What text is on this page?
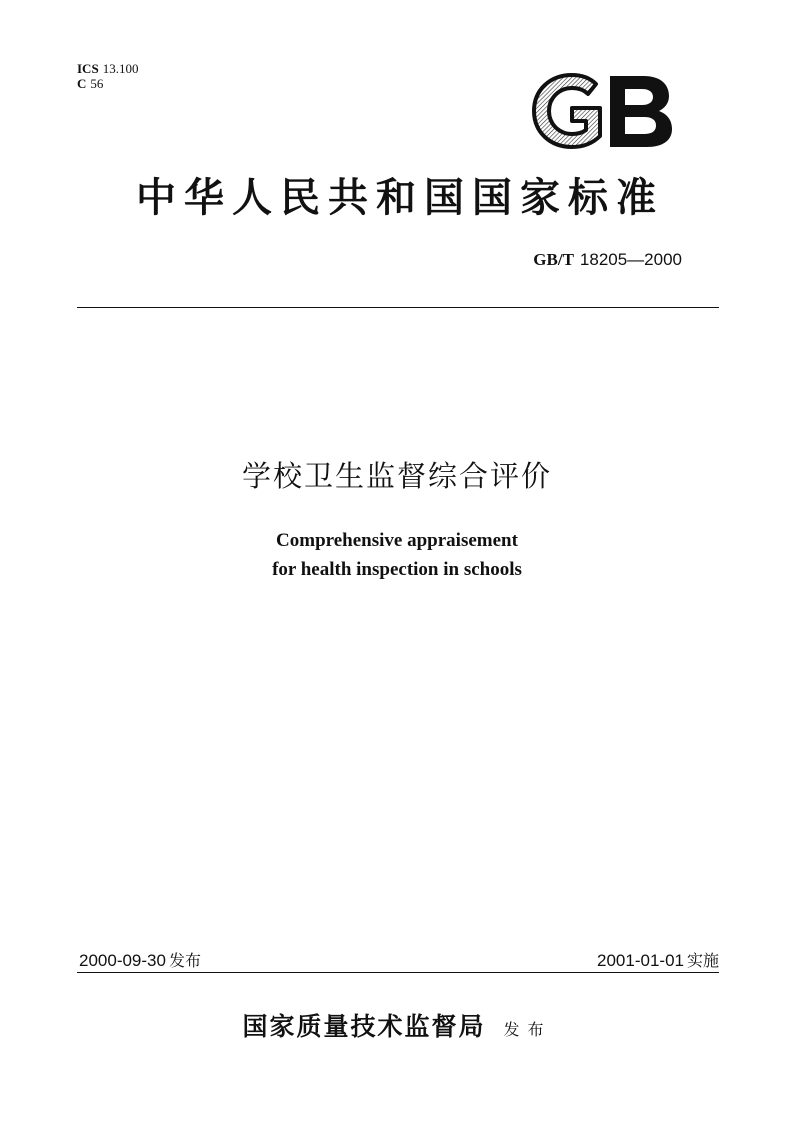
ICS 13.100
C 56
中华人民共和国国家标准
GB/T 18205—2000
学校卫生监督综合评价
Comprehensive appraisement
for health inspection in schools
2000-09-30 发布	2001-01-01 实施
国家质量技术监督局 发布
